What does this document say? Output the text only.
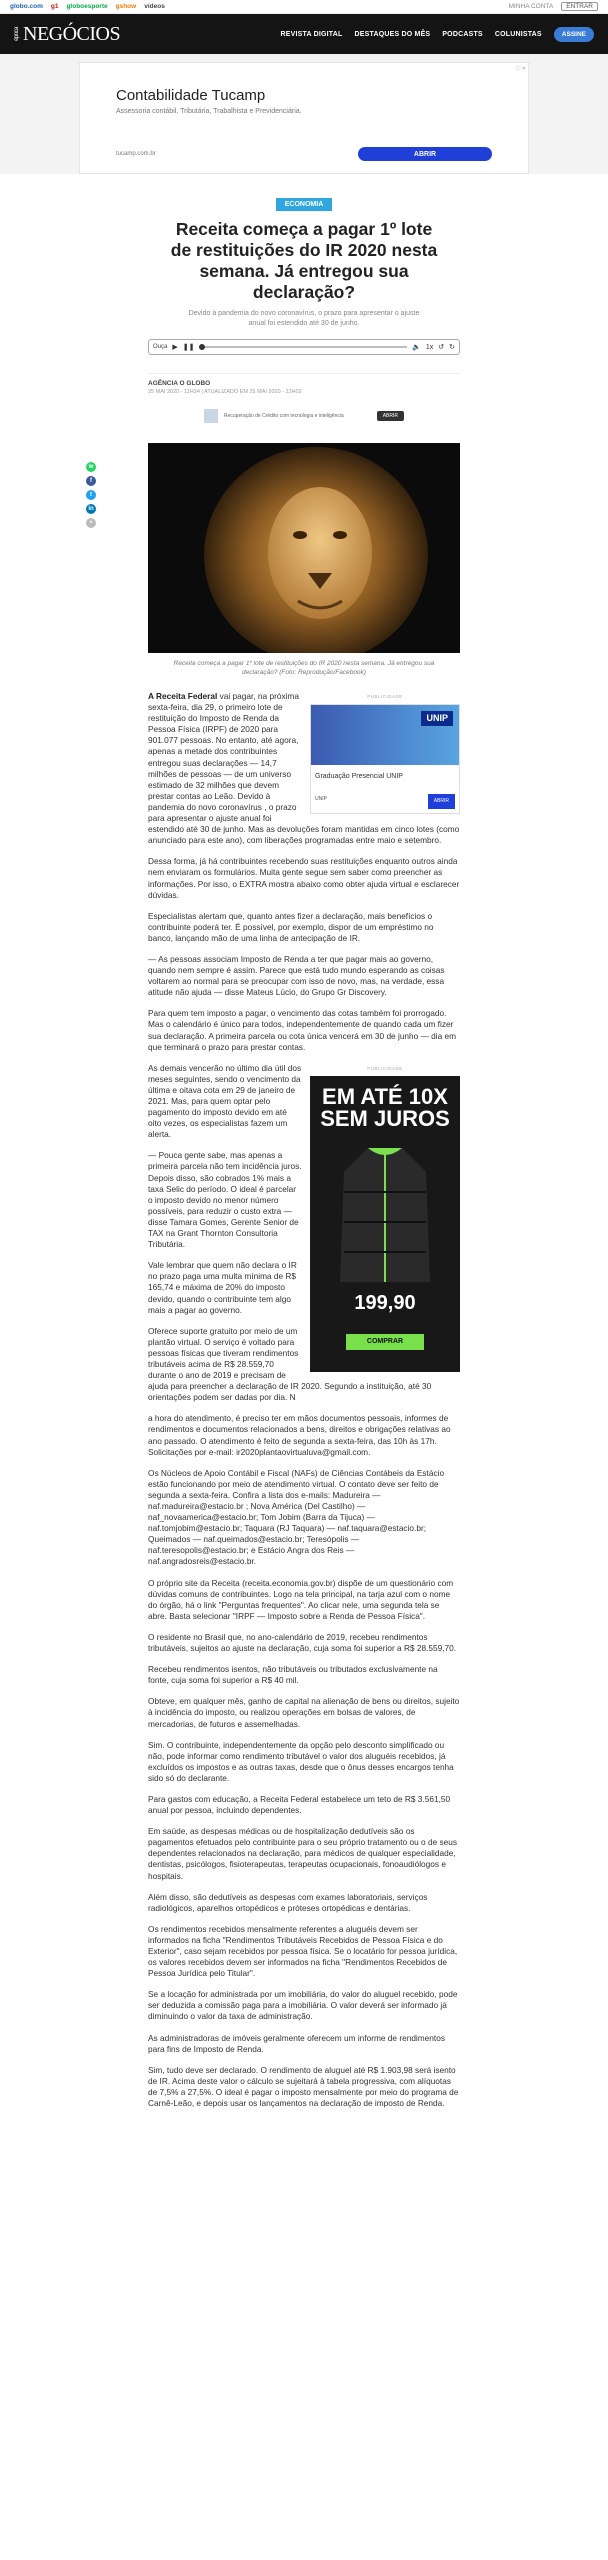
globo.com g1 globoesporte gshow vídeos	MINHA CONTA	ENTRAR
época NEGÓCIOS	REVISTA DIGITAL DESTAQUES DO MÊS PODCASTS COLUNISTAS	ASSINE
ⓘ ✕
Contabilidade Tucamp
Assessoria contábil, Tributária, Trabalhista e Previdenciária.
tucamp.com.br	ABRIR
w
f
t
in
+
ECONOMIA
Receita começa a pagar 1º lote de restituições do IR 2020 nesta semana. Já entregou sua declaração?

Devido à pandemia do novo coronavírus, o prazo para apresentar o ajuste anual foi estendido até 30 de junho.

Ouça ▶ ❚❚	🔈 1x ↺ ↻
AGÊNCIA O GLOBO
25 MAI 2020 - 11H34 | ATUALIZADO EM 25 MAI 2020 - 12H02
Recuperação de Crédito com tecnologia e inteligência	ABRIR

Receita começa a pagar 1º lote de restituições do IR 2020 nesta semana. Já entregou sua declaração? (Foto: Reprodução/Facebook)

PUBLICIDADE
UNIP
Graduação Presencial UNIP
UNIP	ABRIR

A Receita Federal vai pagar, na próxima sexta-feira, dia 29, o primeiro lote de restituição do Imposto de Renda da Pessoa Física (IRPF) de 2020 para 901.077 pessoas. No entanto, até agora, apenas a metade dos contribuintes entregou suas declarações — 14,7 milhões de pessoas — de um universo estimado de 32 milhões que devem prestar contas ao Leão. Devido à pandemia do novo coronavírus , o prazo para apresentar o ajuste anual foi estendido até 30 de junho. Mas as devoluções foram mantidas em cinco lotes (como anunciado para este ano), com liberações programadas entre maio e setembro.

Dessa forma, já há contribuintes recebendo suas restituições enquanto outros ainda nem enviaram os formulários. Muita gente segue sem saber como preencher as informações. Por isso, o EXTRA mostra abaixo como obter ajuda virtual e esclarecer dúvidas.

Especialistas alertam que, quanto antes fizer a declaração, mais benefícios o contribuinte poderá ter. É possível, por exemplo, dispor de um empréstimo no banco, lançando mão de uma linha de antecipação de IR.

— As pessoas associam Imposto de Renda a ter que pagar mais ao governo, quando nem sempre é assim. Parece que está tudo mundo esperando as coisas voltarem ao normal para se preocupar com isso de novo, mas, na verdade, essa atitude não ajuda — disse Mateus Lúcio, do Grupo Gr Discovery.

Para quem tem imposto a pagar, o vencimento das cotas também foi prorrogado. Mas o calendário é único para todos, independentemente de quando cada um fizer sua declaração. A primeira parcela ou cota única vencerá em 30 de junho — dia em que terminará o prazo para prestar contas.

PUBLICIDADE
EM ATÉ 10X SEM JUROS
199,90
COMPRAR

As demais vencerão no último dia útil dos meses seguintes, sendo o vencimento da última e oitava cota em 29 de janeiro de 2021. Mas, para quem optar pelo pagamento do imposto devido em até oito vezes, os especialistas fazem um alerta.

— Pouca gente sabe, mas apenas a primeira parcela não tem incidência juros. Depois disso, são cobrados 1% mais a taxa Selic do período. O ideal é parcelar o imposto devido no menor número possíveis, para reduzir o custo extra — disse Tamara Gomes, Gerente Senior de TAX na Grant Thornton Consultoria Tributária.

Vale lembrar que quem não declara o IR no prazo paga uma multa mínima de R$ 165,74 e máxima de 20% do imposto devido, quando o contribuinte tem algo mais a pagar ao governo.

Oferece suporte gratuito por meio de um plantão virtual. O serviço é voltado para pessoas físicas que tiveram rendimentos tributáveis acima de R$ 28.559,70 durante o ano de 2019 e precisam de ajuda para preencher a declaração de IR 2020. Segundo a instituição, até 30 orientações podem ser dadas por dia. N

a hora do atendimento, é preciso ter em mãos documentos pessoais, informes de rendimentos e documentos relacionados a bens, direitos e obrigações relativas ao ano passado. O atendimento é feito de segunda a sexta-feira, das 10h às 17h. Solicitações por e-mail: ir2020plantaovirtualuva@gmail.com.

Os Núcleos de Apoio Contábil e Fiscal (NAFs) de Ciências Contábeis da Estácio estão funcionando por meio de atendimento virtual. O contato deve ser feito de segunda a sexta-feira. Confira a lista dos e-mails: Madureira — naf.madureira@estacio.br ; Nova América (Del Castilho) — naf_novaamerica@estacio.br; Tom Jobim (Barra da Tijuca) — naf.tomjobim@estacio.br; Taquara (RJ Taquara) — naf.taquara@estacio.br; Queimados — naf.queimados@estacio.br; Teresópolis — naf.teresopolis@estacio.br; e Estácio Angra dos Reis — naf.angradosreis@estacio.br.

O próprio site da Receita (receita.economia.gov.br) dispõe de um questionário com dúvidas comuns de contribuintes. Logo na tela principal, na tarja azul com o nome do órgão, há o link "Perguntas frequentes". Ao clicar nele, uma segunda tela se abre. Basta selecionar "IRPF — Imposto sobre a Renda de Pessoa Física".

O residente no Brasil que, no ano-calendário de 2019, recebeu rendimentos tributáveis, sujeitos ao ajuste na declaração, cuja soma foi superior a R$ 28.559,70.

Recebeu rendimentos isentos, não tributáveis ou tributados exclusivamente na fonte, cuja soma foi superior a R$ 40 mil.

Obteve, em qualquer mês, ganho de capital na alienação de bens ou direitos, sujeito à incidência do imposto, ou realizou operações em bolsas de valores, de mercadorias, de futuros e assemelhadas.

Sim. O contribuinte, independentemente da opção pelo desconto simplificado ou não, pode informar como rendimento tributável o valor dos aluguéis recebidos, já excluídos os impostos e as outras taxas, desde que o ônus desses encargos tenha sido só do declarante.

Para gastos com educação, a Receita Federal estabelece um teto de R$ 3.561,50 anual por pessoa, incluindo dependentes.

Em saúde, as despesas médicas ou de hospitalização dedutíveis são os pagamentos efetuados pelo contribuinte para o seu próprio tratamento ou o de seus dependentes relacionados na declaração, para médicos de qualquer especialidade, dentistas, psicólogos, fisioterapeutas, terapeutas ocupacionais, fonoaudiólogos e hospitais.

Além disso, são dedutíveis as despesas com exames laboratoriais, serviços radiológicos, aparelhos ortopédicos e próteses ortopédicas e dentárias.

Os rendimentos recebidos mensalmente referentes a aluguéis devem ser informados na ficha "Rendimentos Tributáveis Recebidos de Pessoa Física e do Exterior", caso sejam recebidos por pessoa física. Se o locatário for pessoa jurídica, os valores recebidos devem ser informados na ficha "Rendimentos Recebidos de Pessoa Jurídica pelo Titular".

Se a locação for administrada por um imobiliária, do valor do aluguel recebido, pode ser deduzida a comissão paga para a imobiliária. O valor deverá ser informado já diminuindo o valor da taxa de administração.

As administradoras de imóveis geralmente oferecem um informe de rendimentos para fins de Imposto de Renda.

Sim, tudo deve ser declarado. O rendimento de aluguel até R$ 1.903,98 será isento de IR. Acima deste valor o cálculo se sujeitará à tabela progressiva, com alíquotas de 7,5% a 27,5%. O ideal é pagar o imposto mensalmente por meio do programa de Carnê-Leão, e depois usar os lançamentos na declaração de imposto de Renda.
